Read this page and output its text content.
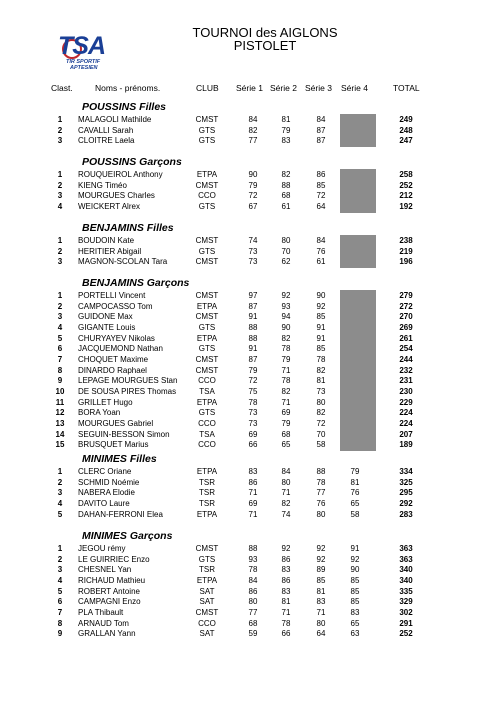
TSA
TIR SPORTIF
APTESIEN
TOURNOI des AIGLONS
PISTOLET
Clast.	Noms - prénoms.	CLUB Série 1 Série 2 Série 3 Série 4	TOTAL
POUSSINS Filles
1	MALAGOLI Mathilde	CMST	84	81	84	249
2	CAVALLI Sarah	GTS	82	79	87	248
3	CLOITRE Laela	GTS	77	83	87	247
POUSSINS Garçons
1	ROUQUEIROL Anthony	ETPA	90	82	86	258
2	KIENG Timéo	CMST	79	88	85	252
3	MOURGUES Charles	CCO	72	68	72	212
4	WEICKERT Alrex	GTS	67	61	64	192
BENJAMINS Filles
1	BOUDOIN Kate	CMST	74	80	84	238
2	HERITIER Abigail	GTS	73	70	76	219
3	MAGNON-SCOLAN Tara	CMST	73	62	61	196
BENJAMINS Garçons
1	PORTELLI Vincent	CMST	97	92	90	279
2	CAMPOCASSO Tom	ETPA	87	93	92	272
3	GUIDONE Max	CMST	91	94	85	270
4	GIGANTE Louis	GTS	88	90	91	269
5	CHURYAYEV Nikolas	ETPA	88	82	91	261
6	JACQUEMOND Nathan	GTS	91	78	85	254
7	CHOQUET Maxime	CMST	87	79	78	244
8	DINARDO Raphael	CMST	79	71	82	232
9	LEPAGE MOURGUES Stan	CCO	72	78	81	231
10	DE SOUSA PIRES Thomas	TSA	75	82	73	230
11	GRILLET Hugo	ETPA	78	71	80	229
12	BORA Yoan	GTS	73	69	82	224
13	MOURGUES Gabriel	CCO	73	79	72	224
14	SEGUIN-BESSON Simon	TSA	69	68	70	207
15	BRUSQUET Marius	CCO	66	65	58	189
MINIMES Filles
1	CLERC Oriane	ETPA	83	84	88	79	334
2	SCHMID Noémie	TSR	86	80	78	81	325
3	NABERA Elodie	TSR	71	71	77	76	295
4	DAVITO Laure	TSR	69	82	76	65	292
5	DAHAN-FERRONI Elea	ETPA	71	74	80	58	283
MINIMES Garçons
1	JEGOU rémy	CMST	88	92	92	91	363
2	LE GUIRRIEC Enzo	GTS	93	86	92	92	363
3	CHESNEL Yan	TSR	78	83	89	90	340
4	RICHAUD Mathieu	ETPA	84	86	85	85	340
5	ROBERT Antoine	SAT	86	83	81	85	335
6	CAMPAGNI Enzo	SAT	80	81	83	85	329
7	PLA Thibault	CMST	77	71	71	83	302
8	ARNAUD Tom	CCO	68	78	80	65	291
9	GRALLAN Yann	SAT	59	66	64	63	252
